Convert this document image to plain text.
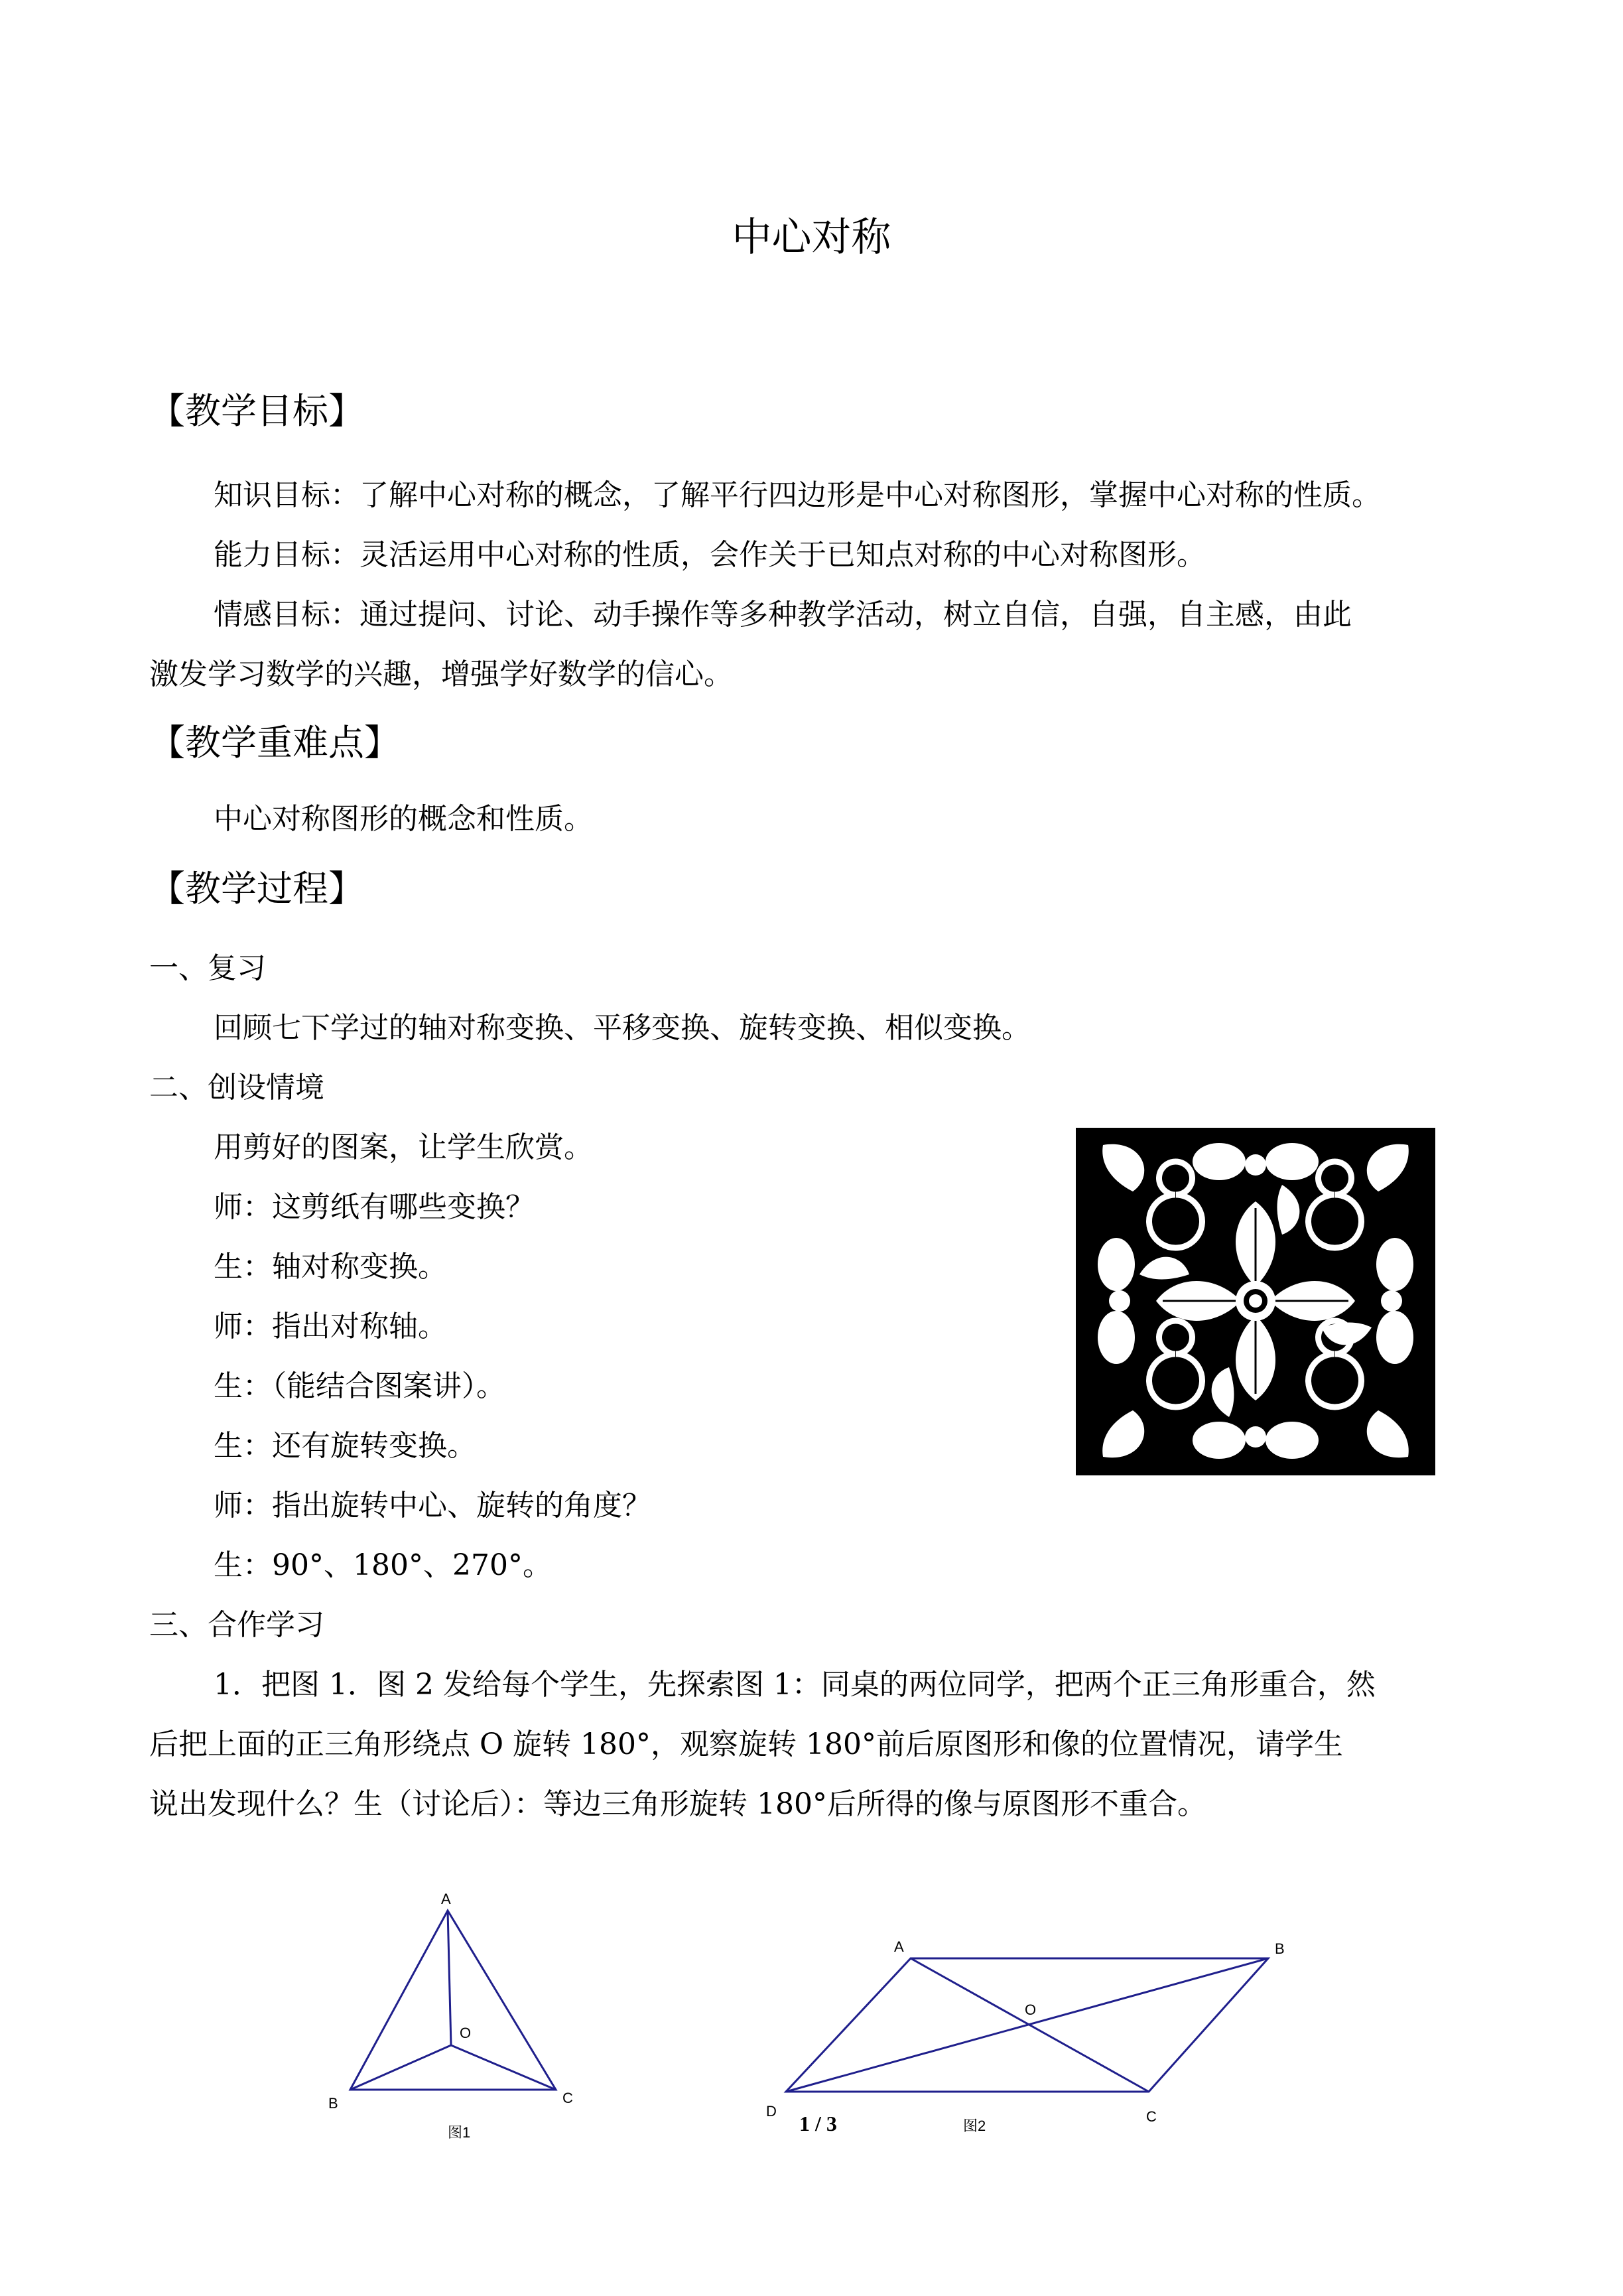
中心对称
【教学目标】
知识目标：了解中心对称的概念，了解平行四边形是中心对称图形，掌握中心对称的性质。
能力目标：灵活运用中心对称的性质，会作关于已知点对称的中心对称图形。
情感目标：通过提问、讨论、动手操作等多种教学活动，树立自信，自强，自主感，由此
激发学习数学的兴趣，增强学好数学的信心。
【教学重难点】
中心对称图形的概念和性质。
【教学过程】
一、复习
回顾七下学过的轴对称变换、平移变换、旋转变换、相似变换。
二、创设情境
用剪好的图案，让学生欣赏。
师：这剪纸有哪些变换？
生：轴对称变换。
师：指出对称轴。
生：（能结合图案讲）。
生：还有旋转变换。
师：指出旋转中心、旋转的角度？
生：90°、180°、270°。
三、合作学习
1．把图 1．图 2 发给每个学生，先探索图 1：同桌的两位同学，把两个正三角形重合，然
后把上面的正三角形绕点 O 旋转 180°，观察旋转 180°前后原图形和像的位置情况，请学生
说出发现什么？生（讨论后）：等边三角形旋转 180°后所得的像与原图形不重合。
A
O
B	C
图1
A	B
O
D	C
1 / 3	图2
